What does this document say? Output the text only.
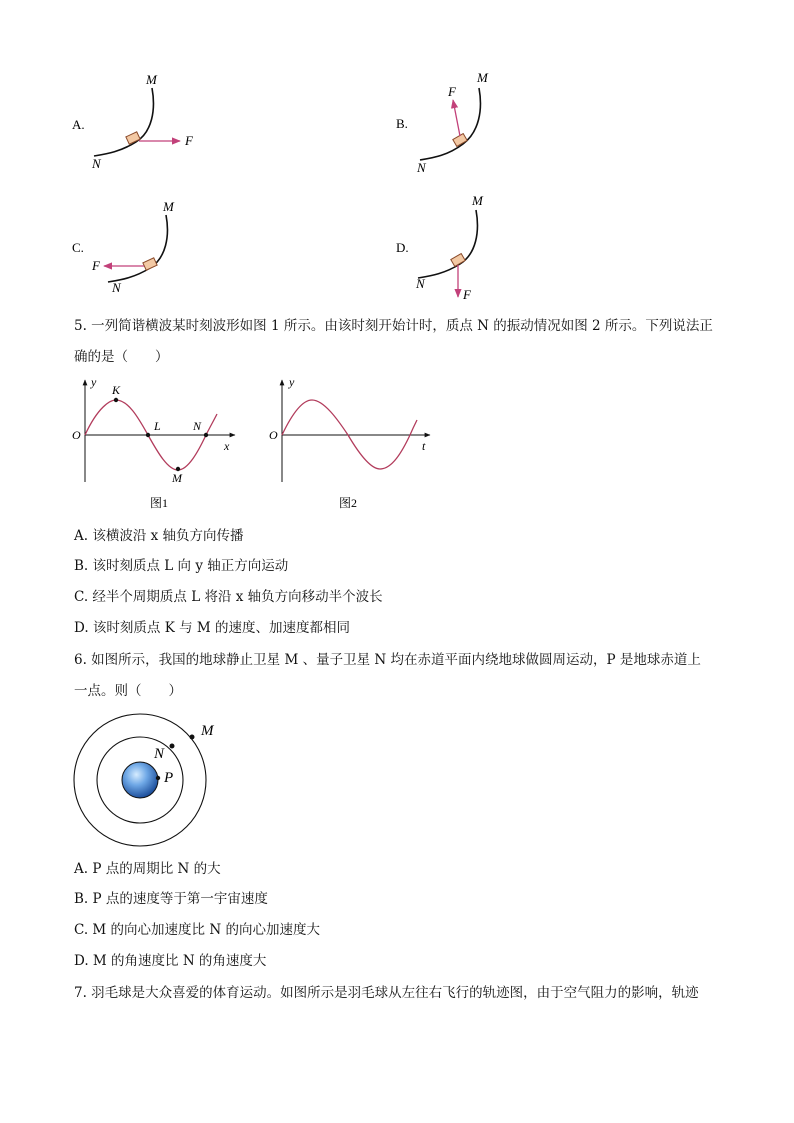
A.
M
N
F
B.
M
N
F
C.
M
N
F
D.
M
N
F
5. 一列简谐横波某时刻波形如图 1 所示。由该时刻开始计时，质点 N 的振动情况如图 2 所示。下列说法正
确的是（　　）
y
x
O
K
L	N
M
图1
y
t
O
图2
A. 该横波沿 x 轴负方向传播
B. 该时刻质点 L 向 y 轴正方向运动
C. 经半个周期质点 L 将沿 x 轴负方向移动半个波长
D. 该时刻质点 K 与 M 的速度、加速度都相同
6. 如图所示，我国的地球静止卫星 M 、量子卫星 N 均在赤道平面内绕地球做圆周运动，P 是地球赤道上
一点。则（　　）
M
N
P
A. P 点的周期比 N 的大
B. P 点的速度等于第一宇宙速度
C. M 的向心加速度比 N 的向心加速度大
D. M 的角速度比 N 的角速度大
7. 羽毛球是大众喜爱的体育运动。如图所示是羽毛球从左往右飞行的轨迹图，由于空气阻力的影响，轨迹
